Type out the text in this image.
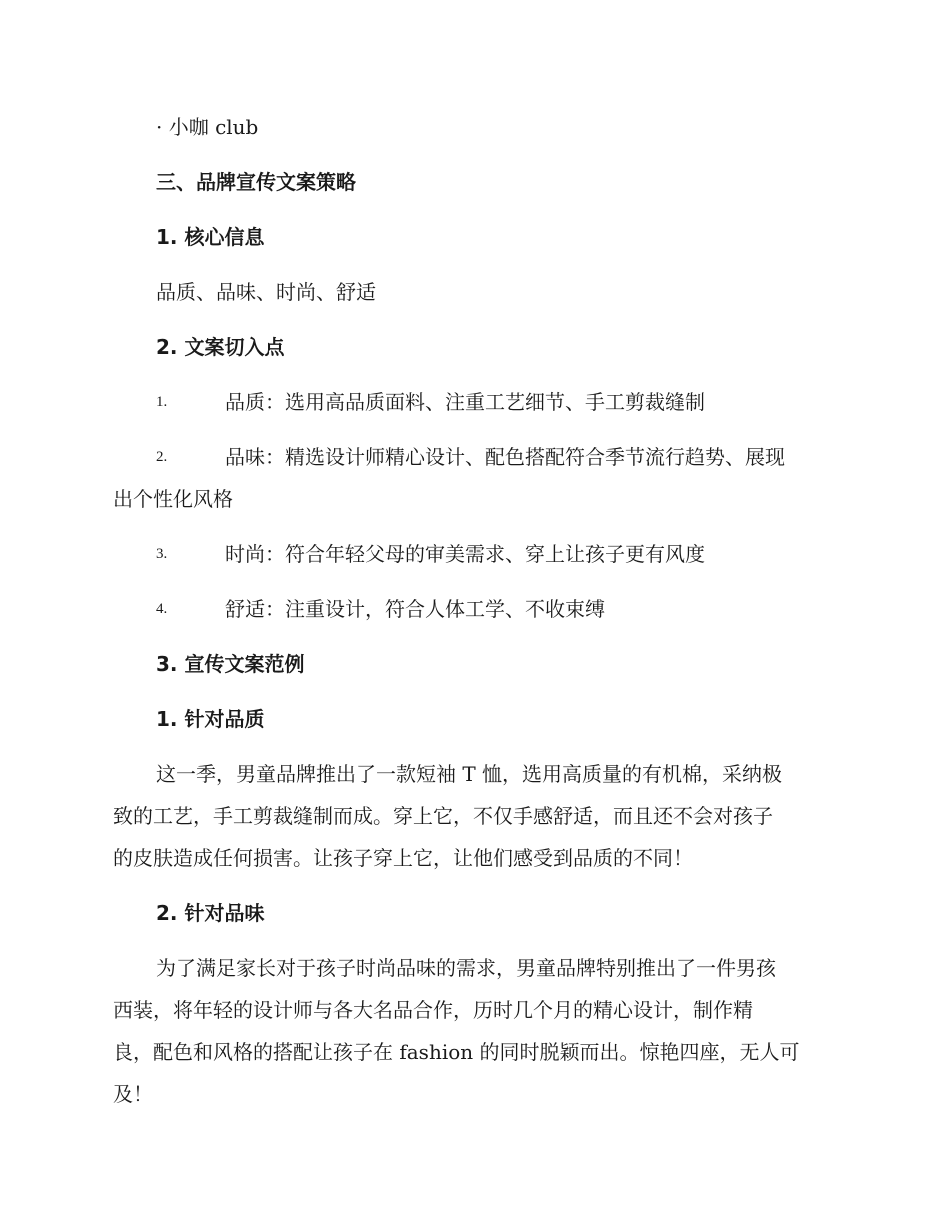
· 小咖 club
三、品牌宣传文案策略
1. 核心信息
品质、品味、时尚、舒适
2. 文案切入点
1.	品质：选用高品质面料、注重工艺细节、手工剪裁缝制
2.	品味：精选设计师精心设计、配色搭配符合季节流行趋势、展现
出个性化风格
3.	时尚：符合年轻父母的审美需求、穿上让孩子更有风度
4.	舒适：注重设计，符合人体工学、不收束缚
3. 宣传文案范例
1. 针对品质
这一季，男童品牌推出了一款短袖 T 恤，选用高质量的有机棉，采纳极
致的工艺，手工剪裁缝制而成。穿上它，不仅手感舒适，而且还不会对孩子
的皮肤造成任何损害。让孩子穿上它，让他们感受到品质的不同！
2. 针对品味
为了满足家长对于孩子时尚品味的需求，男童品牌特别推出了一件男孩
西装，将年轻的设计师与各大名品合作，历时几个月的精心设计，制作精
良，配色和风格的搭配让孩子在 fashion 的同时脱颖而出。惊艳四座，无人可
及！
